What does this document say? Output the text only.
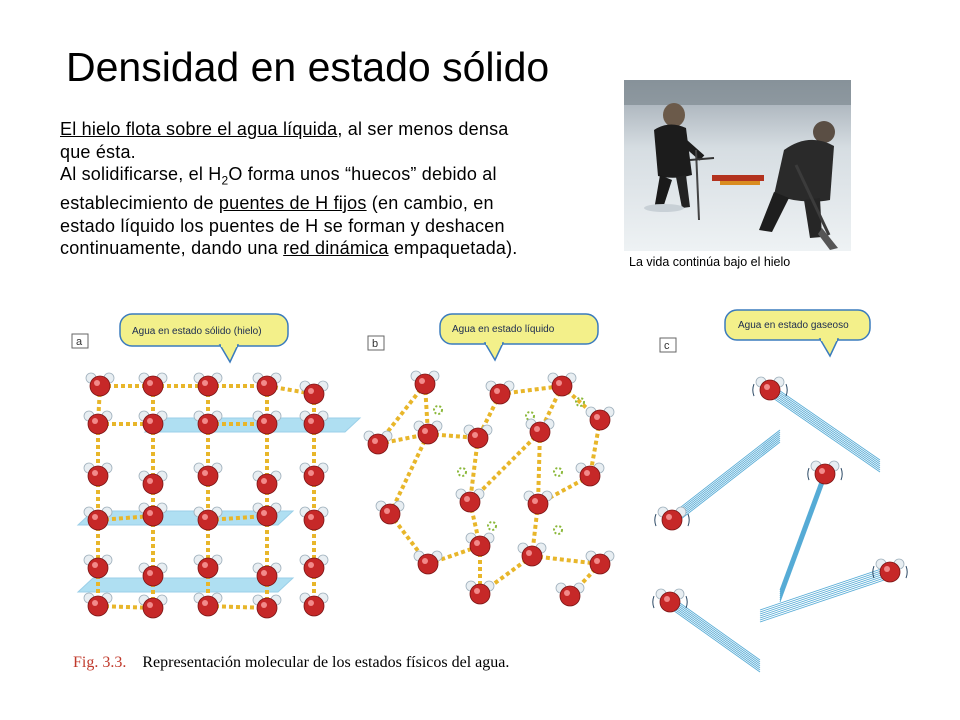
Densidad en estado sólido
El hielo flota sobre el agua líquida, al ser menos densa que ésta.
Al solidificarse, el $H_2O$ forma unos “huecos” debido al establecimiento de puentes de H fijos (en cambio, en estado líquido los puentes de H se forman y deshacen continuamente, dando una red dinámica empaquetada).
La vida continúa bajo el hielo
a
Agua en estado sólido (hielo)
b
Agua en estado líquido
c
Agua en estado gaseoso
Fig. 3.3. Representación molecular de los estados físicos del agua.
